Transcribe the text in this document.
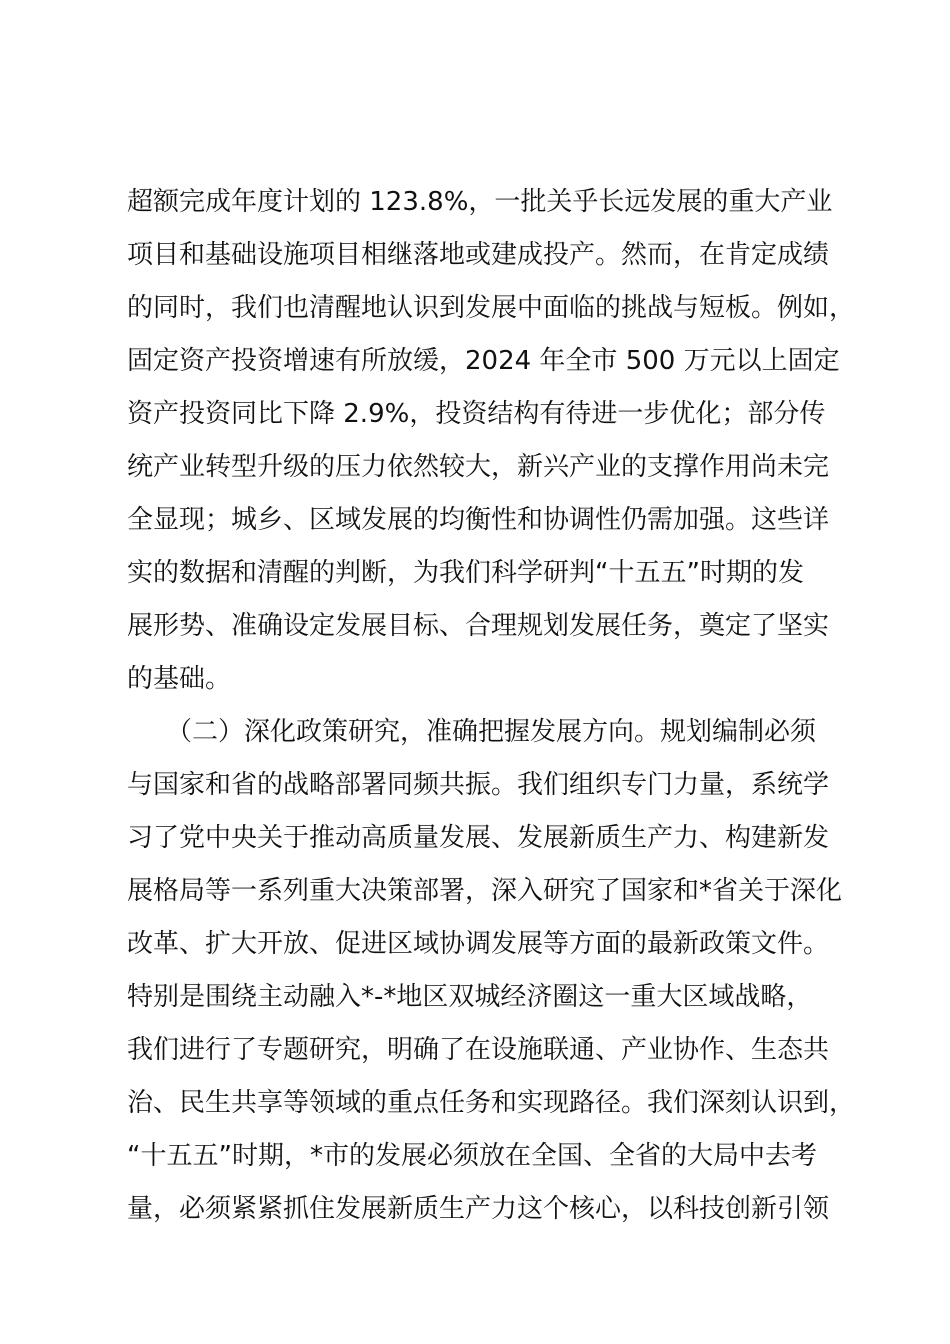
超额完成年度计划的 123.8%，一批关乎长远发展的重大产业
项目和基础设施项目相继落地或建成投产。然而，在肯定成绩
的同时，我们也清醒地认识到发展中面临的挑战与短板。例如，
固定资产投资增速有所放缓，2024 年全市 500 万元以上固定
资产投资同比下降 2.9%，投资结构有待进一步优化；部分传
统产业转型升级的压力依然较大，新兴产业的支撑作用尚未完
全显现；城乡、区域发展的均衡性和协调性仍需加强。这些详
实的数据和清醒的判断，为我们科学研判“十五五”时期的发
展形势、准确设定发展目标、合理规划发展任务，奠定了坚实
的基础。
　　（二）深化政策研究，准确把握发展方向。规划编制必须
与国家和省的战略部署同频共振。我们组织专门力量，系统学
习了党中央关于推动高质量发展、发展新质生产力、构建新发
展格局等一系列重大决策部署，深入研究了国家和*省关于深化
改革、扩大开放、促进区域协调发展等方面的最新政策文件。
特别是围绕主动融入*-*地区双城经济圈这一重大区域战略，
我们进行了专题研究，明确了在设施联通、产业协作、生态共
治、民生共享等领域的重点任务和实现路径。我们深刻认识到，
“十五五”时期，*市的发展必须放在全国、全省的大局中去考
量，必须紧紧抓住发展新质生产力这个核心，以科技创新引领
